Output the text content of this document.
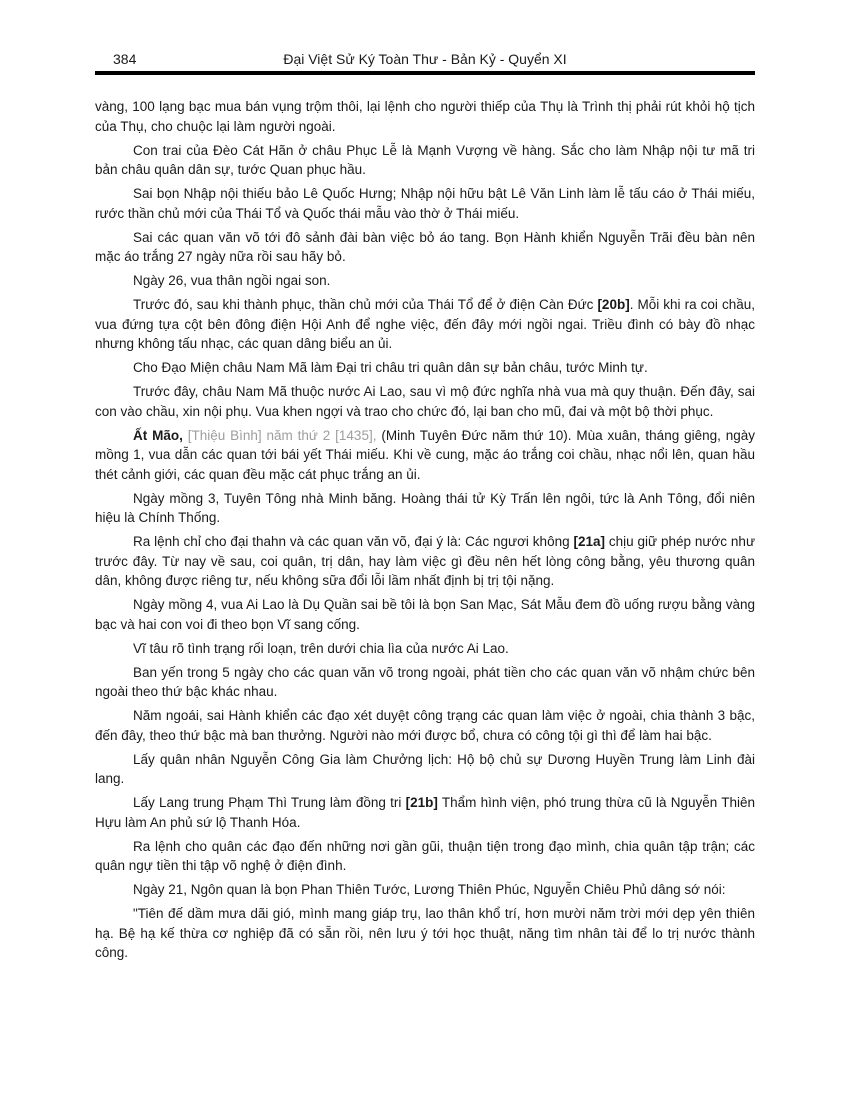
384	Đại Việt Sử Ký Toàn Thư - Bản Kỷ - Quyển XI

vàng, 100 lạng bạc mua bán vụng trộm thôi, lại lệnh cho người thiếp của Thụ là Trình thị phải rút khỏi hộ tịch của Thụ, cho chuộc lại làm người ngoài.

Con trai của Đèo Cát Hãn ở châu Phục Lễ là Mạnh Vượng về hàng. Sắc cho làm Nhập nội tư mã tri bản châu quân dân sự, tước Quan phục hầu.

Sai bọn Nhập nội thiếu bảo Lê Quốc Hưng; Nhập nội hữu bật Lê Văn Linh làm lễ tấu cáo ở Thái miếu, rước thần chủ mới của Thái Tổ và Quốc thái mẫu vào thờ ở Thái miếu.

Sai các quan văn võ tới đô sảnh đài bàn việc bỏ áo tang. Bọn Hành khiển Nguyễn Trãi đều bàn nên mặc áo trắng 27 ngày nữa rồi sau hãy bỏ.

Ngày 26, vua thân ngồi ngai son.

Trước đó, sau khi thành phục, thần chủ mới của Thái Tổ để ở điện Càn Đức [20b]. Mỗi khi ra coi chầu, vua đứng tựa cột bên đông điện Hội Anh để nghe việc, đến đây mới ngồi ngai. Triều đình có bày đồ nhạc nhưng không tấu nhạc, các quan dâng biểu an ủi.

Cho Đạo Miện châu Nam Mã làm Đại tri châu tri quân dân sự bản châu, tước Minh tự.

Trước đây, châu Nam Mã thuộc nước Ai Lao, sau vì mộ đức nghĩa nhà vua mà quy thuận. Đến đây, sai con vào chầu, xin nội phụ. Vua khen ngợi và trao cho chức đó, lại ban cho mũ, đai và một bộ thời phục.

Ất Mão, [Thiệu Bình] năm thứ 2 [1435], (Minh Tuyên Đức năm thứ 10). Mùa xuân, tháng giêng, ngày mồng 1, vua dẫn các quan tới bái yết Thái miếu. Khi về cung, mặc áo trắng coi chầu, nhạc nổi lên, quan hầu thét cảnh giới, các quan đều mặc cát phục trắng an ủi.

Ngày mồng 3, Tuyên Tông nhà Minh băng. Hoàng thái tử Kỳ Trấn lên ngôi, tức là Anh Tông, đổi niên hiệu là Chính Thống.

Ra lệnh chỉ cho đại thahn và các quan văn võ, đại ý là: Các ngươi không [21a] chịu giữ phép nước như trước đây. Từ nay về sau, coi quân, trị dân, hay làm việc gì đều nên hết lòng công bằng, yêu thương quân dân, không được riêng tư, nếu không sữa đổi lỗi lầm nhất định bị trị tội nặng.

Ngày mồng 4, vua Ai Lao là Dụ Quần sai bề tôi là bọn San Mạc, Sát Mẫu đem đồ uống rượu bằng vàng bạc và hai con voi đi theo bọn Vĩ sang cống.

Vĩ tâu rõ tình trạng rối loạn, trên dưới chia lìa của nước Ai Lao.

Ban yến trong 5 ngày cho các quan văn võ trong ngoài, phát tiền cho các quan văn võ nhậm chức bên ngoài theo thứ bậc khác nhau.

Năm ngoái, sai Hành khiển các đạo xét duyệt công trạng các quan làm việc ở ngoài, chia thành 3 bậc, đến đây, theo thứ bậc mà ban thưởng. Người nào mới được bổ, chưa có công tội gì thì để làm hai bậc.

Lấy quân nhân Nguyễn Công Gia làm Chưởng lịch: Hộ bộ chủ sự Dương Huyền Trung làm Linh đài lang.

Lấy Lang trung Phạm Thì Trung làm đồng tri [21b] Thẩm hình viện, phó trung thừa cũ là Nguyễn Thiên Hựu làm An phủ sứ lộ Thanh Hóa.

Ra lệnh cho quân các đạo đến những nơi gần gũi, thuận tiện trong đạo mình, chia quân tập trận; các quân ngự tiền thi tập võ nghệ ở điện đình.

Ngày 21, Ngôn quan là bọn Phan Thiên Tước, Lương Thiên Phúc, Nguyễn Chiêu Phủ dâng sớ nói:

"Tiên đế dầm mưa dãi gió, mình mang giáp trụ, lao thân khổ trí, hơn mười năm trời mới dẹp yên thiên hạ. Bệ hạ kế thừa cơ nghiệp đã có sẵn rồi, nên lưu ý tới học thuật, năng tìm nhân tài để lo trị nước thành công.
